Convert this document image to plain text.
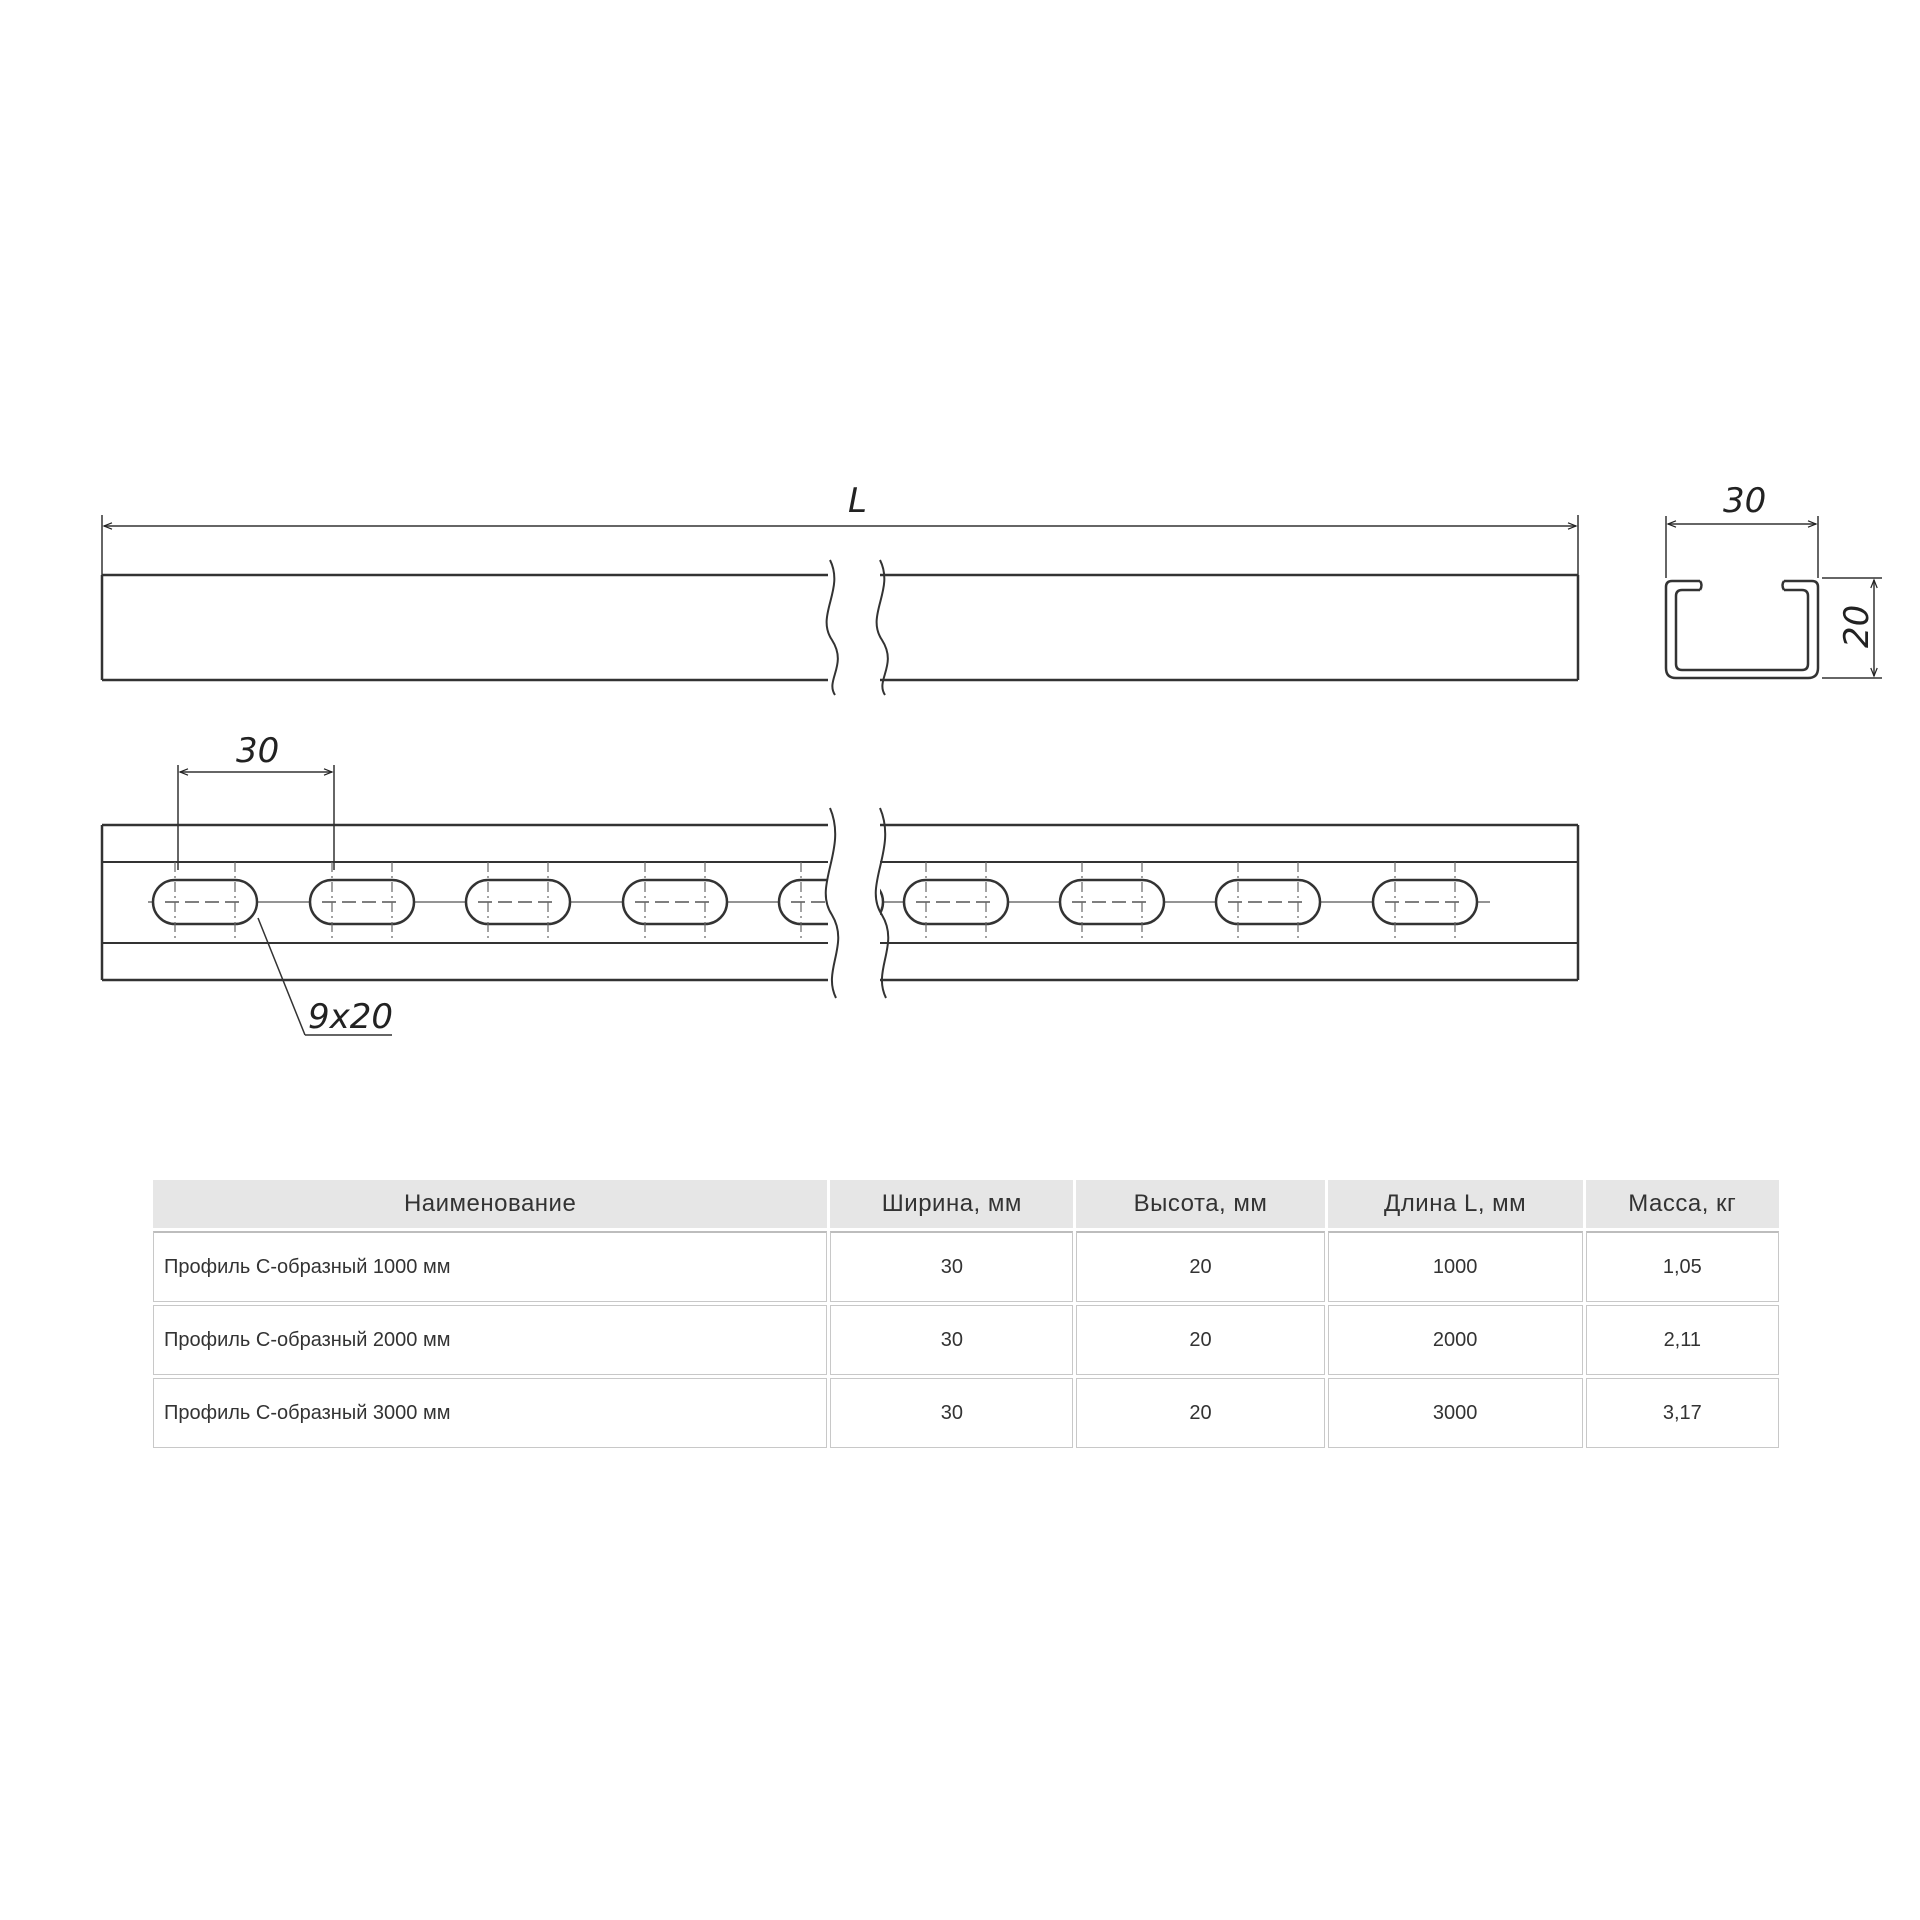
L	30
20
30
9x20
Наименование	Ширина, мм	Высота, мм	Длина L, мм	Масса, кг
Профиль С-образный 1000 мм	30	20	1000	1,05
Профиль С-образный 2000 мм	30	20	2000	2,11
Профиль С-образный 3000 мм	30	20	3000	3,17
